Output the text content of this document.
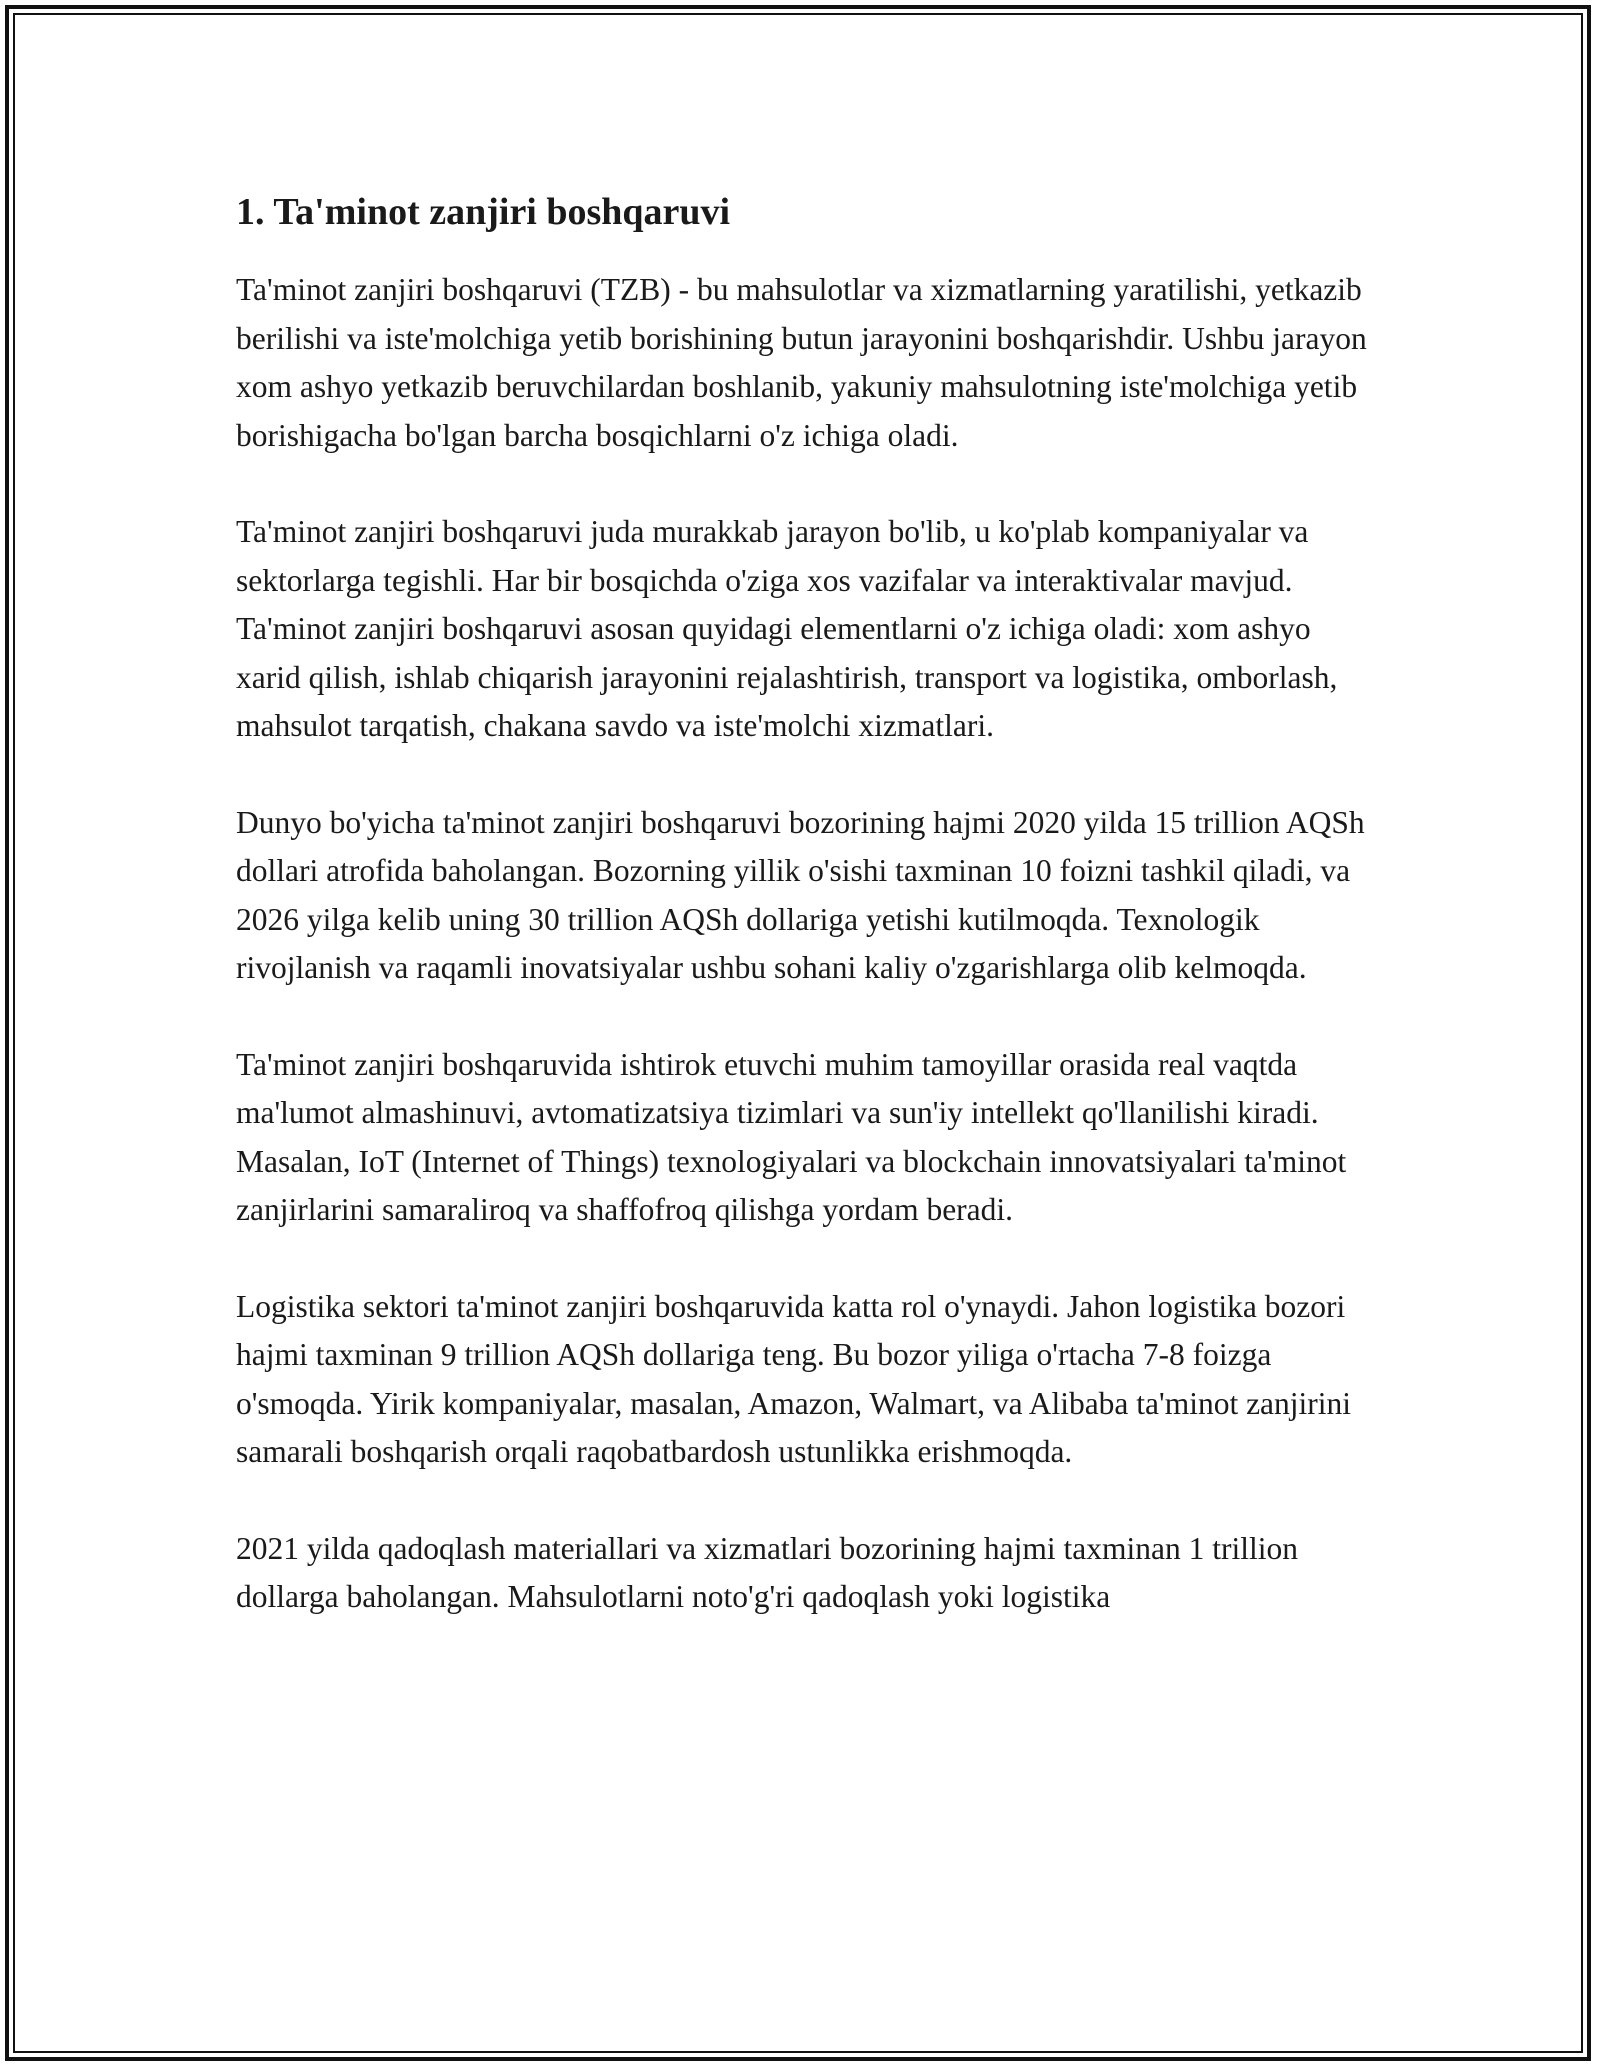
1. Ta'minot zanjiri boshqaruvi

Ta'minot zanjiri boshqaruvi (TZB) - bu mahsulotlar va xizmatlarning yaratilishi, yetkazib berilishi va iste'molchiga yetib borishining butun jarayonini boshqarishdir. Ushbu jarayon xom ashyo yetkazib beruvchilardan boshlanib, yakuniy mahsulotning iste'molchiga yetib borishigacha bo'lgan barcha bosqichlarni o'z ichiga oladi.

Ta'minot zanjiri boshqaruvi juda murakkab jarayon bo'lib, u ko'plab kompaniyalar va sektorlarga tegishli. Har bir bosqichda o'ziga xos vazifalar va interaktivalar mavjud. Ta'minot zanjiri boshqaruvi asosan quyidagi elementlarni o'z ichiga oladi: xom ashyo xarid qilish, ishlab chiqarish jarayonini rejalashtirish, transport va logistika, omborlash, mahsulot tarqatish, chakana savdo va iste'molchi xizmatlari.

Dunyo bo'yicha ta'minot zanjiri boshqaruvi bozorining hajmi 2020 yilda 15 trillion AQSh dollari atrofida baholangan. Bozorning yillik o'sishi taxminan 10 foizni tashkil qiladi, va 2026 yilga kelib uning 30 trillion AQSh dollariga yetishi kutilmoqda. Texnologik rivojlanish va raqamli inovatsiyalar ushbu sohani kaliy o'zgarishlarga olib kelmoqda.

Ta'minot zanjiri boshqaruvida ishtirok etuvchi muhim tamoyillar orasida real vaqtda ma'lumot almashinuvi, avtomatizatsiya tizimlari va sun'iy intellekt qo'llanilishi kiradi. Masalan, IoT (Internet of Things) texnologiyalari va blockchain innovatsiyalari ta'minot zanjirlarini samaraliroq va shaffofroq qilishga yordam beradi.

Logistika sektori ta'minot zanjiri boshqaruvida katta rol o'ynaydi. Jahon logistika bozori hajmi taxminan 9 trillion AQSh dollariga teng. Bu bozor yiliga o'rtacha 7-8 foizga o'smoqda. Yirik kompaniyalar, masalan, Amazon, Walmart, va Alibaba ta'minot zanjirini samarali boshqarish orqali raqobatbardosh ustunlikka erishmoqda.

2021 yilda qadoqlash materiallari va xizmatlari bozorining hajmi taxminan 1 trillion dollarga baholangan. Mahsulotlarni noto'g'ri qadoqlash yoki logistika
